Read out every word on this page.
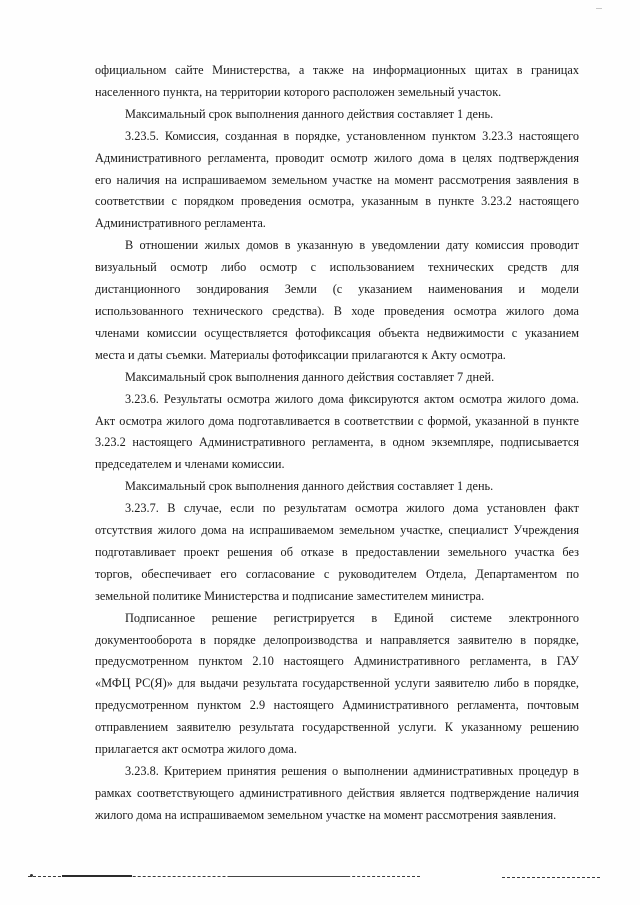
официальном сайте Министерства, а также на информационных щитах в границах
населенного пункта, на территории которого расположен земельный участок.
Максимальный срок выполнения данного действия составляет 1 день.
3.23.5. Комиссия, созданная в порядке, установленном пунктом 3.23.3 настоящего
Административного регламента, проводит осмотр жилого дома в целях подтверждения
его наличия на испрашиваемом земельном участке на момент рассмотрения заявления в
соответствии с порядком проведения осмотра, указанным в пункте 3.23.2 настоящего
Административного регламента.
В отношении жилых домов в указанную в уведомлении дату комиссия проводит
визуальный осмотр либо осмотр с использованием технических средств для
дистанционного зондирования Земли (с указанием наименования и модели
использованного технического средства). В ходе проведения осмотра жилого дома
членами комиссии осуществляется фотофиксация объекта недвижимости с указанием
места и даты съемки. Материалы фотофиксации прилагаются к Акту осмотра.
Максимальный срок выполнения данного действия составляет 7 дней.
3.23.6. Результаты осмотра жилого дома фиксируются актом осмотра жилого дома.
Акт осмотра жилого дома подготавливается в соответствии с формой, указанной в пункте
3.23.2 настоящего Административного регламента, в одном экземпляре, подписывается
председателем и членами комиссии.
Максимальный срок выполнения данного действия составляет 1 день.
3.23.7. В случае, если по результатам осмотра жилого дома установлен факт
отсутствия жилого дома на испрашиваемом земельном участке, специалист Учреждения
подготавливает проект решения об отказе в предоставлении земельного участка без
торгов, обеспечивает его согласование с руководителем Отдела, Департаментом по
земельной политике Министерства и подписание заместителем министра.
Подписанное решение регистрируется в Единой системе электронного
документооборота в порядке делопроизводства и направляется заявителю в порядке,
предусмотренном пунктом 2.10 настоящего Административного регламента, в ГАУ
«МФЦ РС(Я)» для выдачи результата государственной услуги заявителю либо в порядке,
предусмотренном пунктом 2.9 настоящего Административного регламента, почтовым
отправлением заявителю результата государственной услуги. К указанному решению
прилагается акт осмотра жилого дома.
3.23.8. Критерием принятия решения о выполнении административных процедур в
рамках соответствующего административного действия является подтверждение наличия
жилого дома на испрашиваемом земельном участке на момент рассмотрения заявления.
